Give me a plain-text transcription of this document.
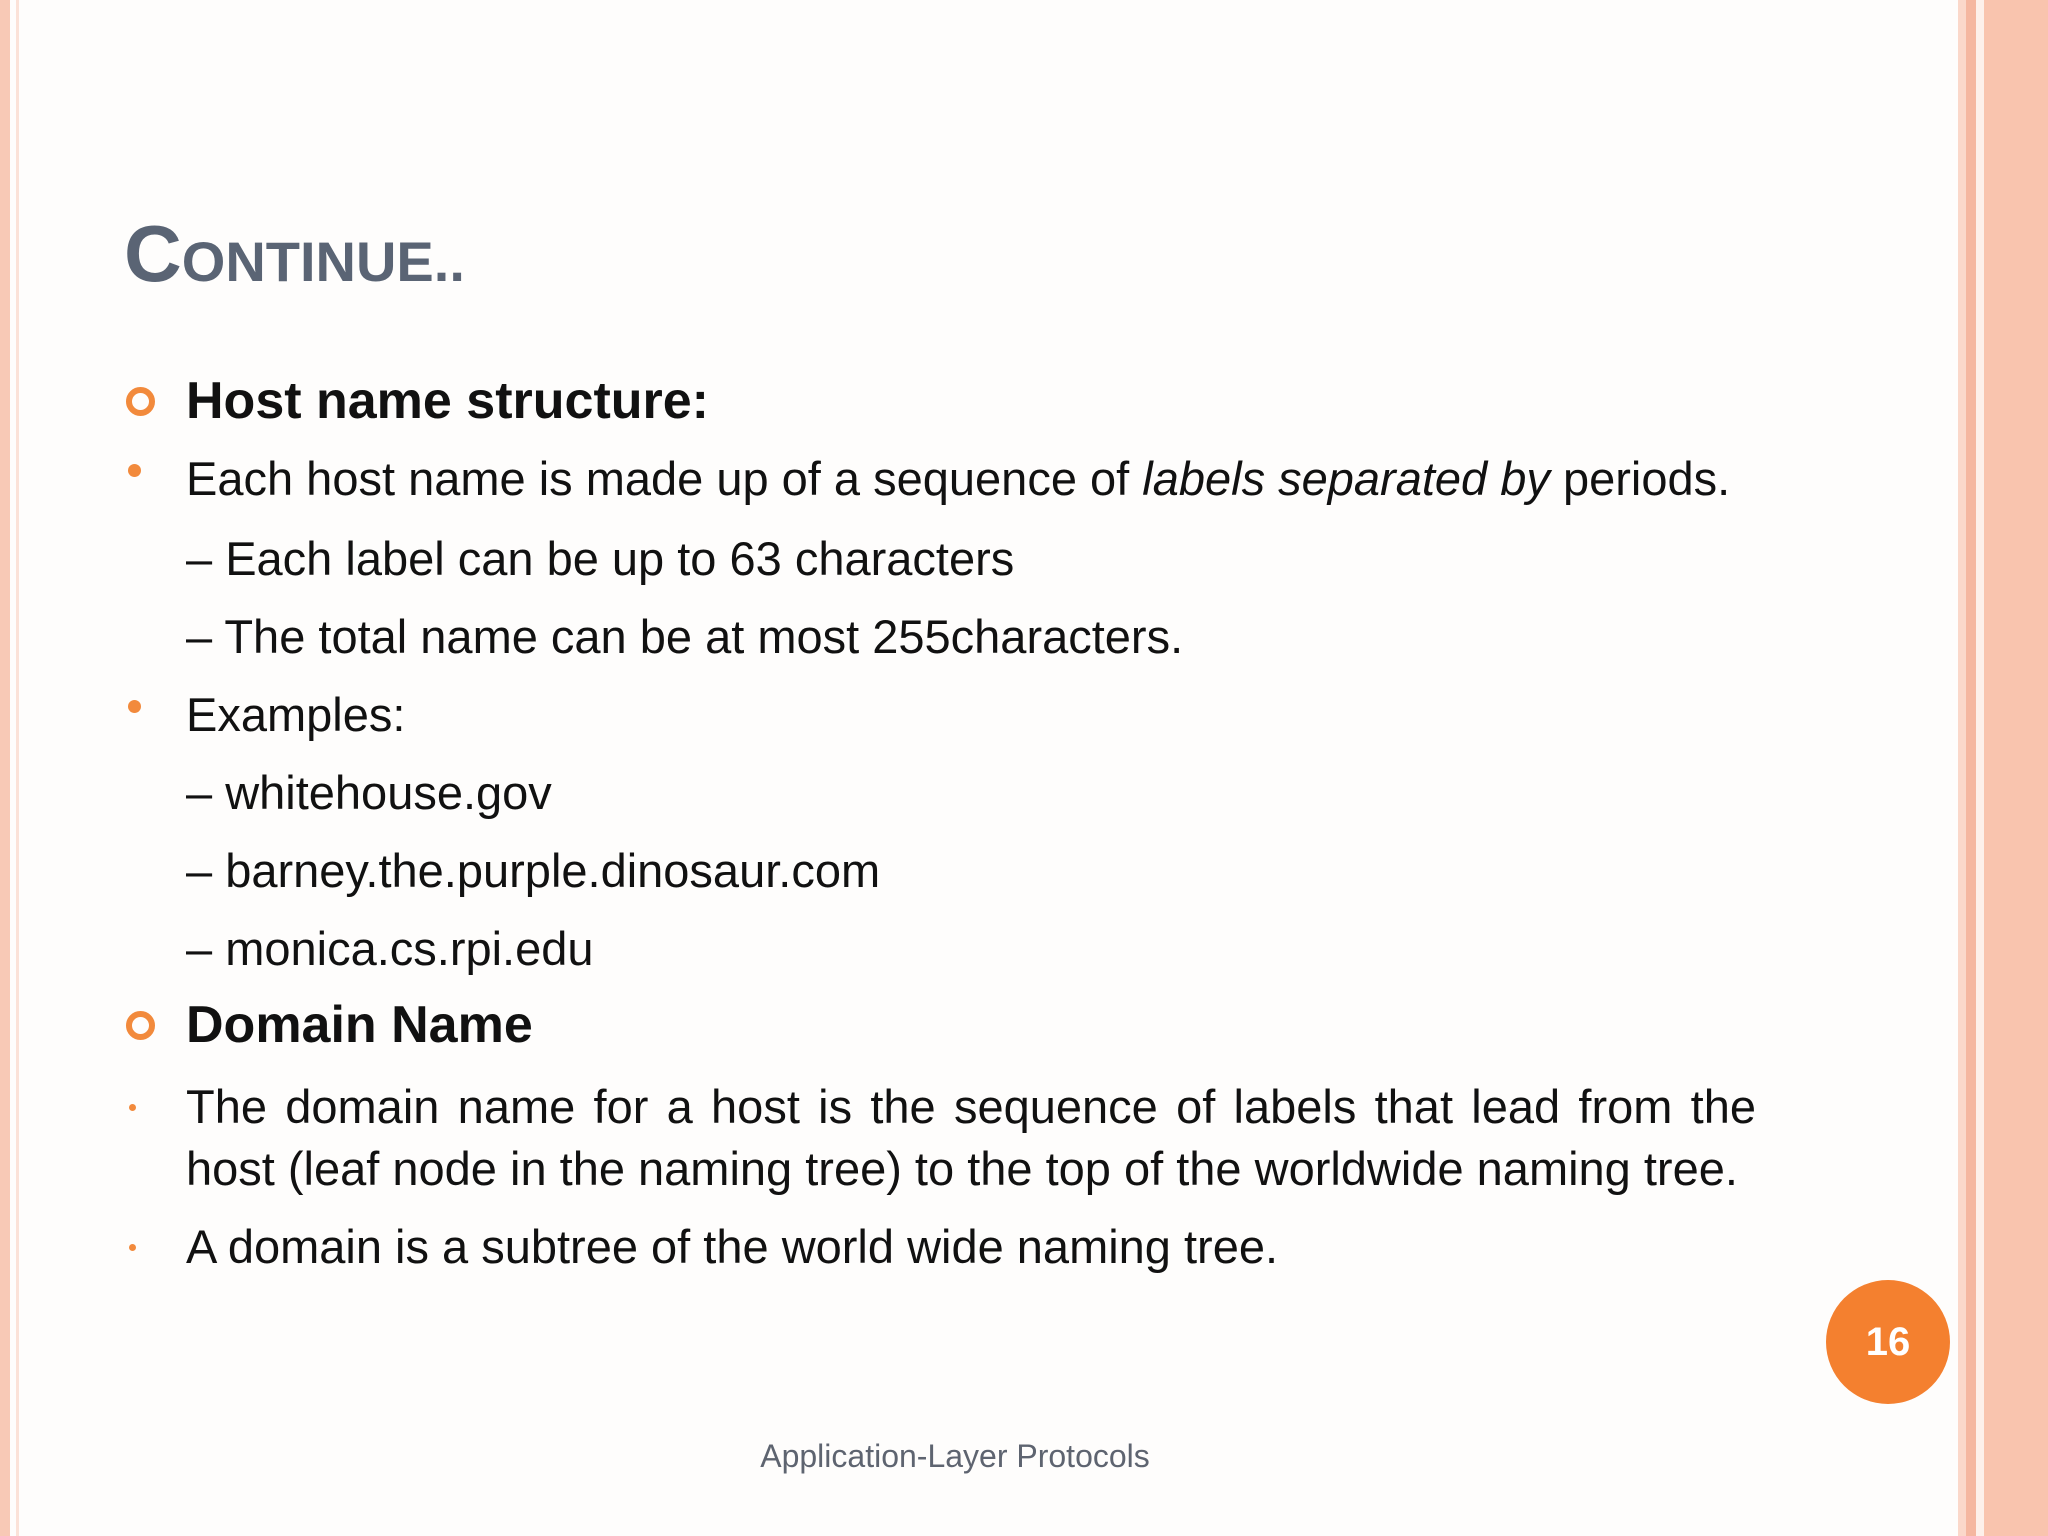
CONTINUE..
Host name structure:
Each host name is made up of a sequence of labels separated by periods.
– Each label can be up to 63 characters
– The total name can be at most 255characters.
Examples:
– whitehouse.gov
– barney.the.purple.dinosaur.com
– monica.cs.rpi.edu
Domain Name
The domain name for a host is the sequence of labels that lead from the host (leaf node in the naming tree) to the top of the worldwide naming tree.
A domain is a subtree of the world wide naming tree.
16
Application-Layer Protocols
